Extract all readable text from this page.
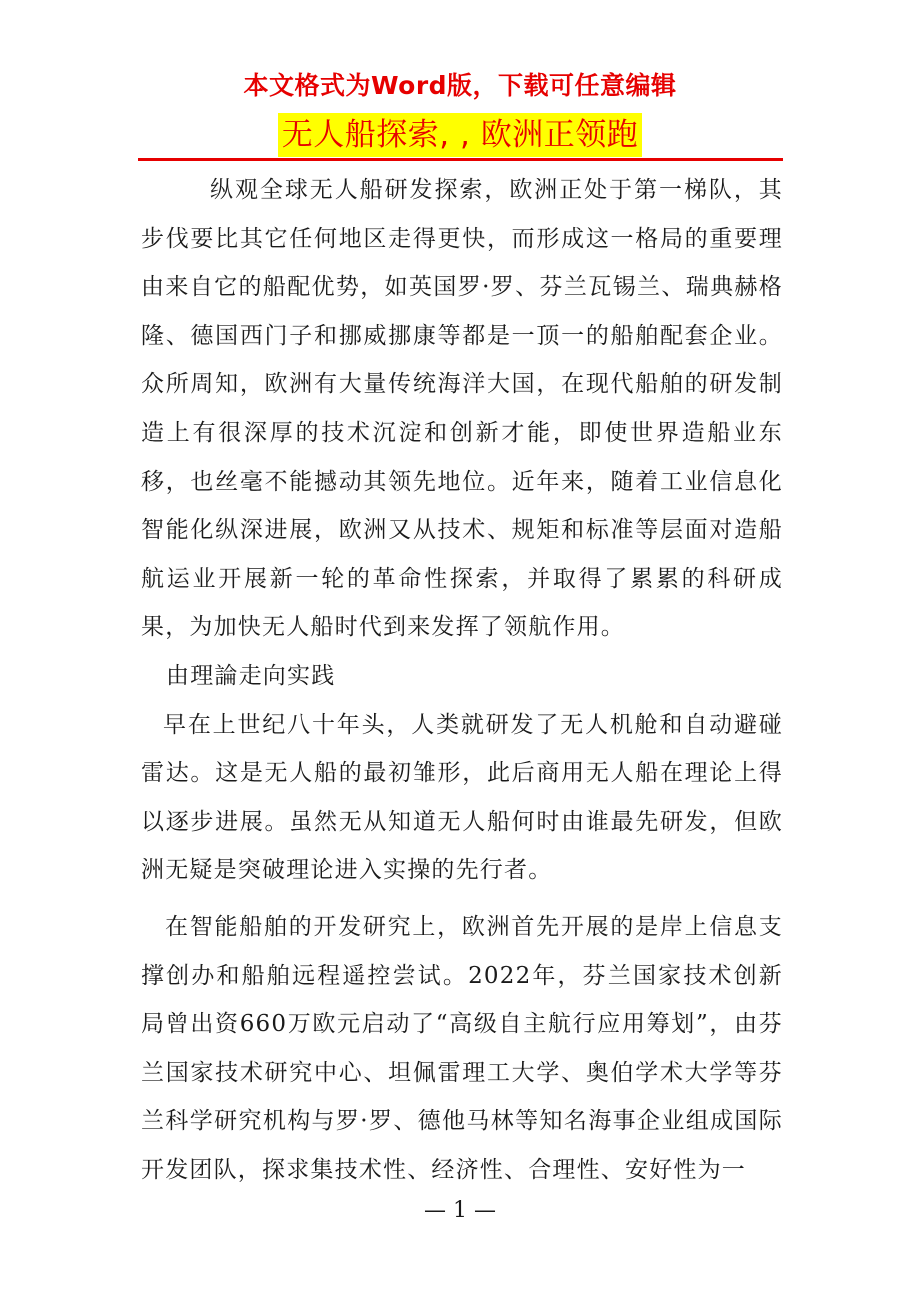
本文格式为Word版，下载可任意编辑
无人船探索, , 欧洲正领跑

纵观全球无人船研发探索，欧洲正处于第一梯队，其步伐要比其它任何地区走得更快，而形成这一格局的重要理由来自它的船配优势，如英国罗·罗、芬兰瓦锡兰、瑞典赫格隆、德国西门子和挪威挪康等都是一顶一的船舶配套企业。众所周知，欧洲有大量传统海洋大国，在现代船舶的研发制造上有很深厚的技术沉淀和创新才能，即使世界造船业东移，也丝毫不能撼动其领先地位。近年来，随着工业信息化智能化纵深进展，欧洲又从技术、规矩和标准等层面对造船航运业开展新一轮的革命性探索，并取得了累累的科研成果，为加快无人船时代到来发挥了领航作用。

由理論走向实践

早在上世纪八十年头，人类就研发了无人机舱和自动避碰雷达。这是无人船的最初雏形，此后商用无人船在理论上得以逐步进展。虽然无从知道无人船何时由谁最先研发，但欧洲无疑是突破理论进入实操的先行者。

在智能船舶的开发研究上，欧洲首先开展的是岸上信息支撑创办和船舶远程遥控尝试。2022年，芬兰国家技术创新局曾出资660万欧元启动了“高级自主航行应用筹划”，由芬兰国家技术研究中心、坦佩雷理工大学、奥伯学术大学等芬兰科学研究机构与罗·罗、德他马林等知名海事企业组成国际开发团队，探求集技术性、经济性、合理性、安好性为一

— 1 —
